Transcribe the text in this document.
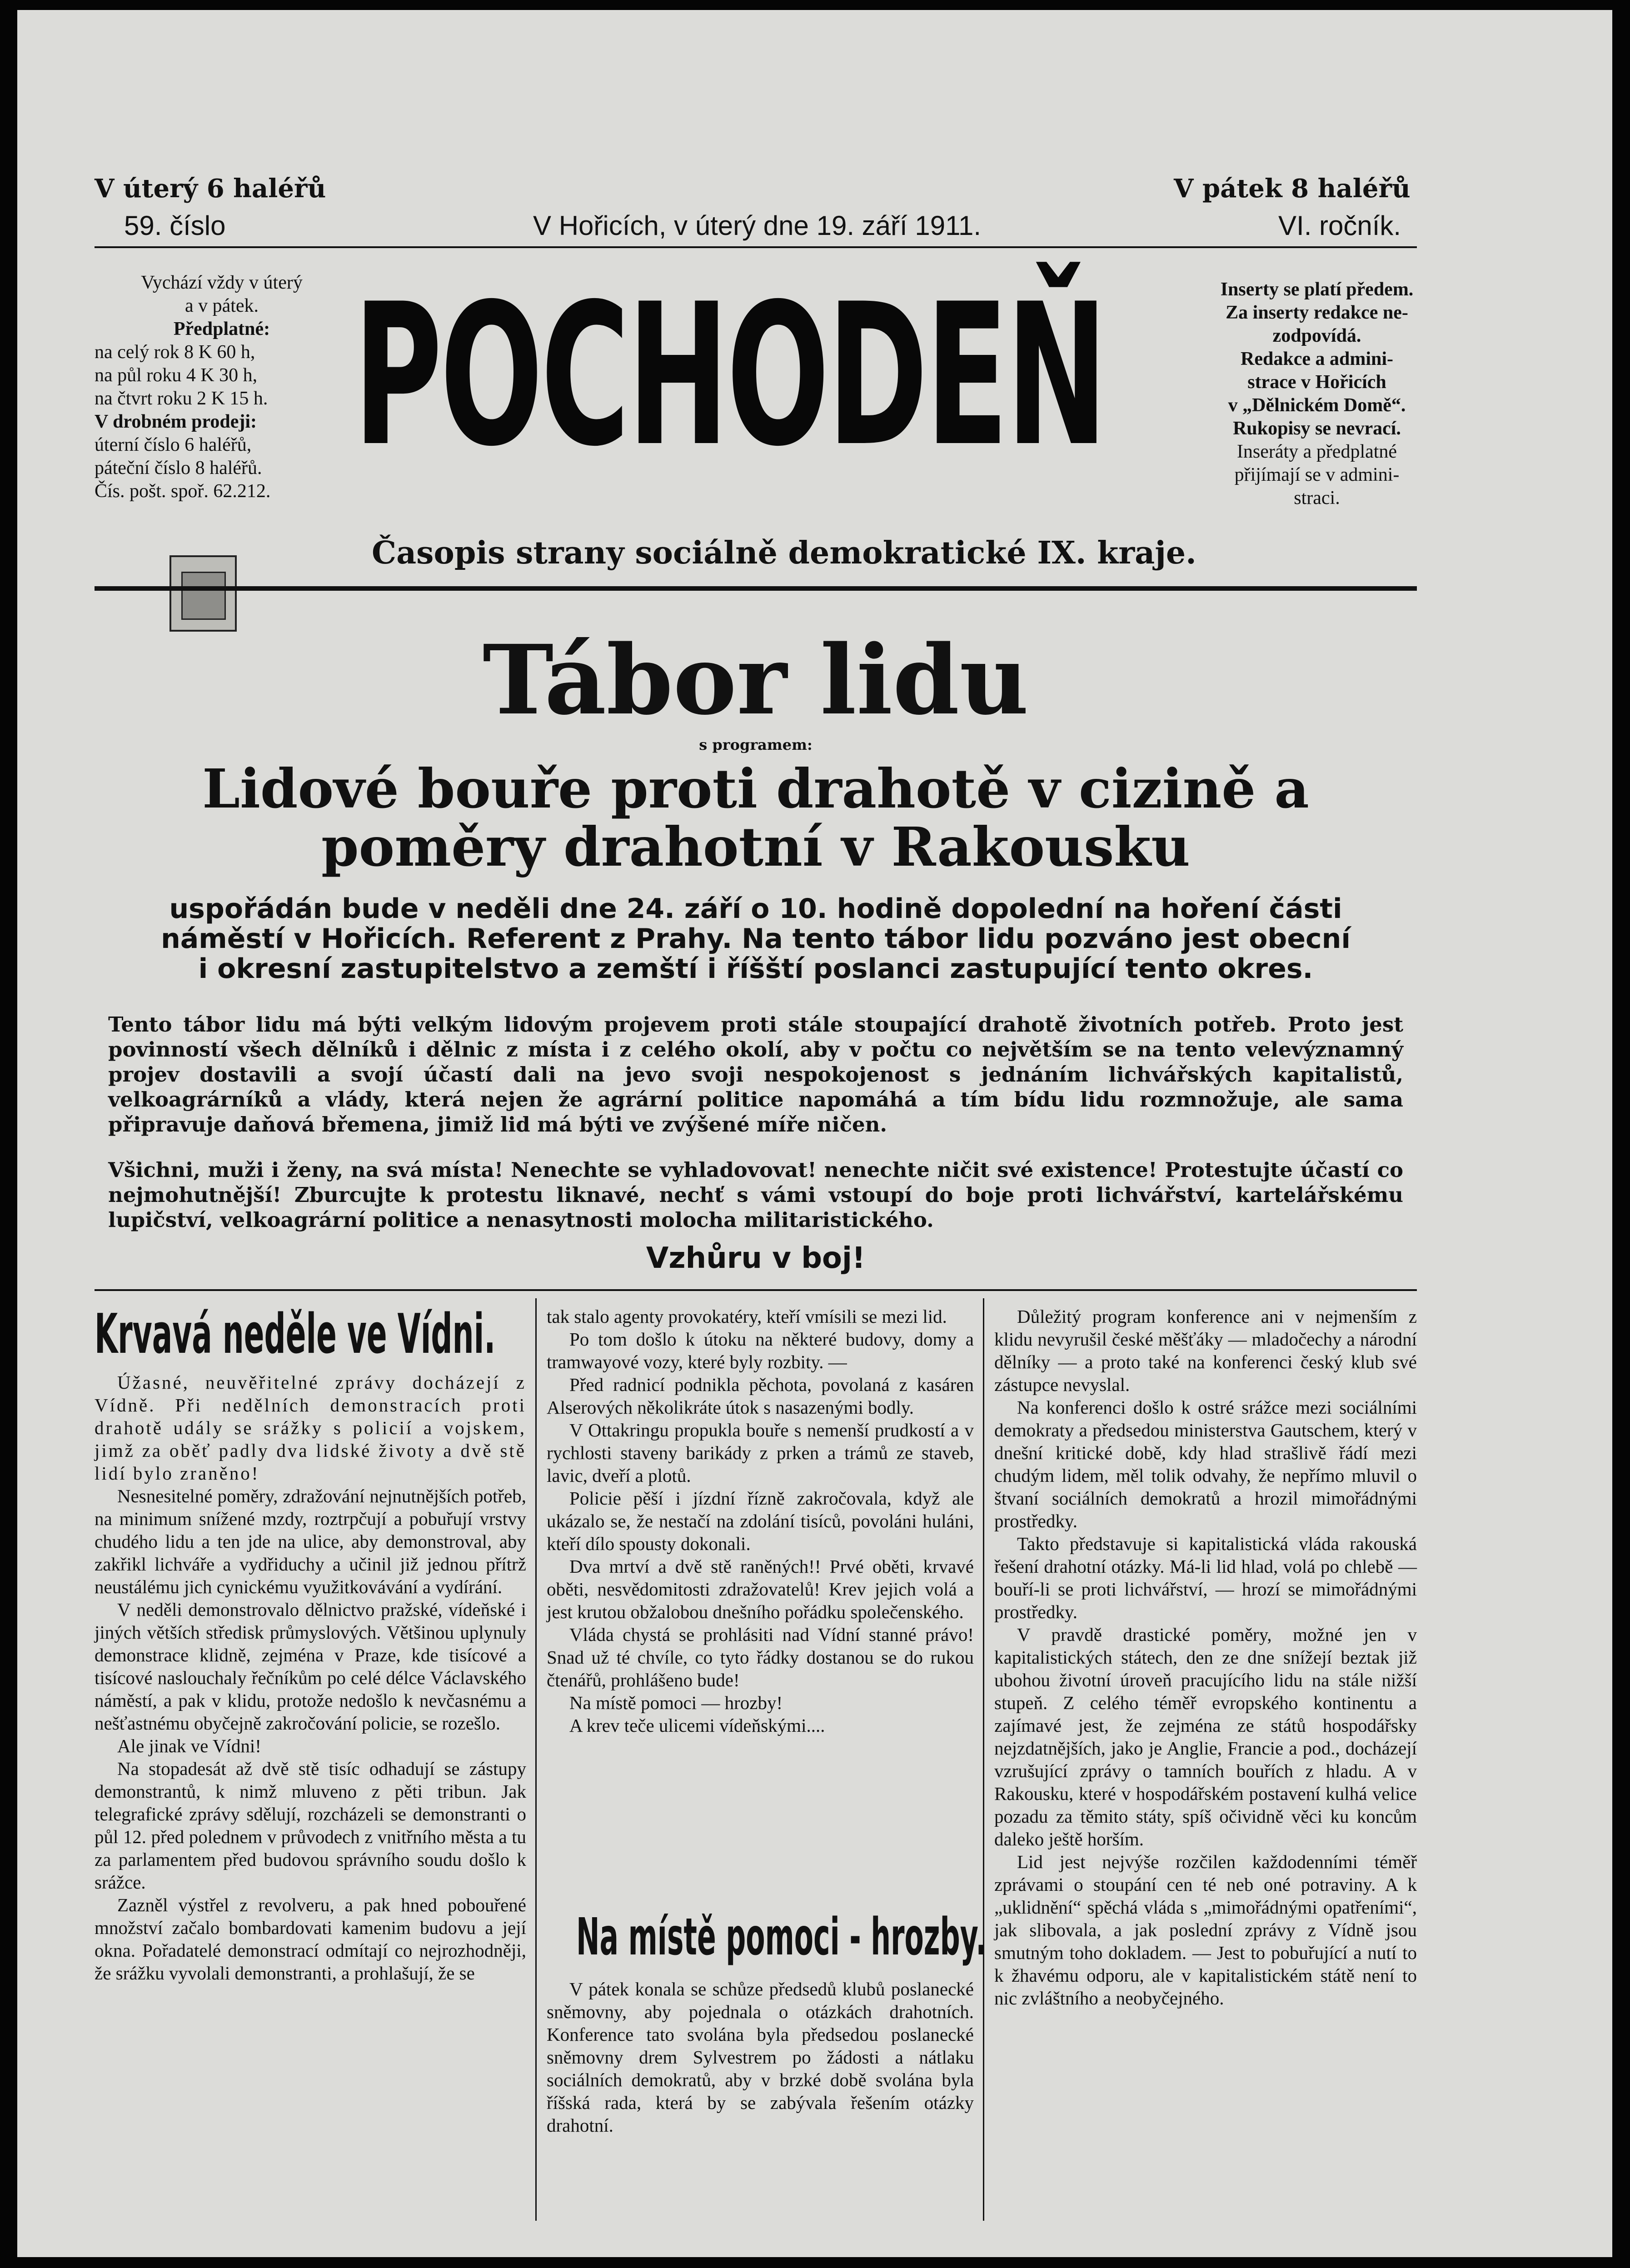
V úterý 6 haléřů	V pátek 8 haléřů
59. číslo	V Hořicích, v úterý dne 19. září 1911.	VI. ročník.
Vychází vždy v úterý
a v pátek.
Předplatné:
na celý rok 8 K 60 h,
na půl roku 4 K 30 h,
na čtvrt roku 2 K 15 h.
V drobném prodeji:
úterní číslo 6 haléřů,
páteční číslo 8 haléřů.
Čís. pošt. spoř. 62.212.
POCHODEŇ
Časopis strany sociálně demokratické IX. kraje.
Inserty se platí předem.
Za inserty redakce ne-
zodpovídá.
Redakce a admini-
strace v Hořicích
v „Dělnickém Domě“.
Rukopisy se nevrací.
Inseráty a předplatné
přijímají se v admini-
straci.
Tábor lidu
s programem:
Lidové bouře proti drahotě v cizině a
poměry drahotní v Rakousku
uspořádán bude v neděli dne 24. září o 10. hodině dopolední na hoření části
náměstí v Hořicích. Referent z Prahy. Na tento tábor lidu pozváno jest obecní
i okresní zastupitelstvo a zemští i říšští poslanci zastupující tento okres.
Tento tábor lidu má býti velkým lidovým projevem proti stále stoupající drahotě životních potřeb. Proto jest povinností všech dělníků i dělnic z místa i z celého okolí, aby v počtu co největším se na tento velevýznamný projev dostavili a svojí účastí dali na jevo svoji nespokojenost s jednáním lichvářských kapitalistů, velkoagrárníků a vlády, která nejen že agrární politice napomáhá a tím bídu lidu rozmnožuje, ale sama připravuje daňová břemena, jimiž lid má býti ve zvýšené míře ničen.
Všichni, muži i ženy, na svá místa! Nenechte se vyhladovovat! nenechte ničit své existence! Protestujte účastí co nejmohutnější! Zburcujte k protestu liknavé, nechť s vámi vstoupí do boje proti lichvářství, kartelářskému lupičství, velkoagrární politice a nenasytnosti molocha militaristického.
Vzhůru v boj!
Krvavá neděle ve Vídni.

Úžasné, neuvěřitelné zprávy docházejí z Vídně. Při nedělních demonstracích proti drahotě udály se srážky s policií a vojskem, jimž za oběť padly dva lidské životy a dvě stě lidí bylo zraněno!

Nesnesitelné poměry, zdražování nejnutnějších potřeb, na minimum snížené mzdy, roztrpčují a pobuřují vrstvy chudého lidu a ten jde na ulice, aby demonstroval, aby zakřikl lichváře a vydřiduchy a učinil již jednou přítrž neustálému jich cynickému využitkovávání a vydírání.

V neděli demonstrovalo dělnictvo pražské, vídeňské i jiných větších středisk průmyslových. Většinou uplynuly demonstrace klidně, zejména v Praze, kde tisícové a tisícové naslouchaly řečníkům po celé délce Václavského náměstí, a pak v klidu, protože nedošlo k nevčasnému a nešťastnému obyčejně zakročování policie, se rozešlo.

Ale jinak ve Vídni!

Na stopadesát až dvě stě tisíc odhadují se zástupy demonstrantů, k nimž mluveno z pěti tribun. Jak telegrafické zprávy sdělují, rozcházeli se demonstranti o půl 12. před polednem v průvodech z vnitřního města a tu za parlamentem před budovou správního soudu došlo k srážce.

Zazněl výstřel z revolveru, a pak hned pobouřené množství začalo bombardovati kamenim budovu a její okna. Pořadatelé demonstrací odmítají co nejrozhodněji, že srážku vyvolali demonstranti, a prohlašují, že se

tak stalo agenty provokatéry, kteří vmísili se mezi lid.

Po tom došlo k útoku na některé budovy, domy a tramwayové vozy, které byly rozbity. —

Před radnicí podnikla pěchota, povolaná z kasáren Alserových několikráte útok s nasazenými bodly.

V Ottakringu propukla bouře s nemenší prudkostí a v rychlosti staveny barikády z prken a trámů ze staveb, lavic, dveří a plotů.

Policie pěší i jízdní řízně zakročovala, když ale ukázalo se, že nestačí na zdolání tisíců, povoláni huláni, kteří dílo spousty dokonali.

Dva mrtví a dvě stě raněných!! Prvé oběti, krvavé oběti, nesvědomitosti zdražovatelů! Krev jejich volá a jest krutou obžalobou dnešního pořádku společenského.

Vláda chystá se prohlásiti nad Vídní stanné právo! Snad už té chvíle, co tyto řádky dostanou se do rukou čtenářů, prohlášeno bude!

Na místě pomoci — hrozby!

A krev teče ulicemi vídeňskými....

Na místě pomoci - hrozby.

V pátek konala se schůze předsedů klubů poslanecké sněmovny, aby pojednala o otázkách drahotních. Konference tato svolána byla předsedou poslanecké sněmovny drem Sylvestrem po žádosti a nátlaku sociálních demokratů, aby v brzké době svolána byla říšská rada, která by se zabývala řešením otázky drahotní.

Důležitý program konference ani v nejmenším z klidu nevyrušil české měšťáky — mladočechy a národní dělníky — a proto také na konferenci český klub své zástupce nevyslal.

Na konferenci došlo k ostré srážce mezi sociálními demokraty a předsedou ministerstva Gautschem, který v dnešní kritické době, kdy hlad strašlivě řádí mezi chudým lidem, měl tolik odvahy, že nepřímo mluvil o štvaní sociálních demokratů a hrozil mimořádnými prostředky.

Takto představuje si kapitalistická vláda rakouská řešení drahotní otázky. Má-li lid hlad, volá po chlebě — bouří-li se proti lichvářství, — hrozí se mimořádnými prostředky.

V pravdě drastické poměry, možné jen v kapitalistických státech, den ze dne snížejí beztak již ubohou životní úroveň pracujícího lidu na stále nižší stupeň. Z celého téměř evropského kontinentu a zajímavé jest, že zejména ze států hospodářsky nejzdatnějších, jako je Anglie, Francie a pod., docházejí vzrušující zprávy o tamních bouřích z hladu. A v Rakousku, které v hospodářském postavení kulhá velice pozadu za těmito státy, spíš očividně věci ku koncům daleko ještě horším.

Lid jest nejvýše rozčilen každodenními téměř zprávami o stoupání cen té neb oné potraviny. A k „uklidnění“ spěchá vláda s „mimořádnými opatřeními“, jak slibovala, a jak poslední zprávy z Vídně jsou smutným toho dokladem. — Jest to pobuřující a nutí to k žhavému odporu, ale v kapitalistickém státě není to nic zvláštního a neobyčejného.
